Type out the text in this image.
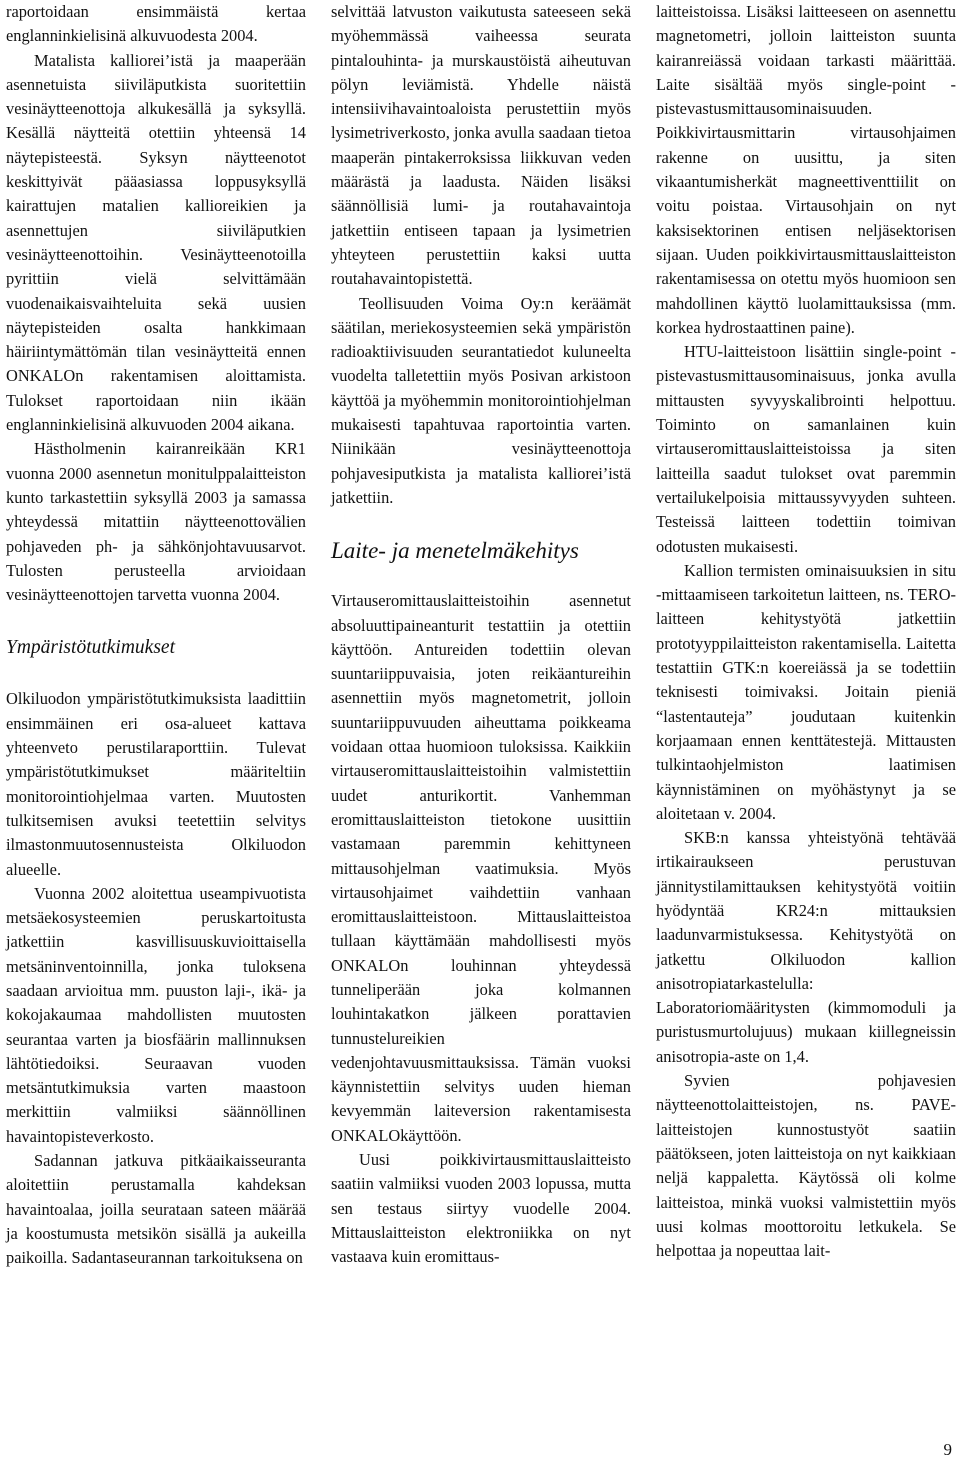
raportoidaan ensimmäistä kertaa englanninkielisinä alkuvuodesta 2004.

Matalista kalliorei’istä ja maaperään asennetuista siiviläputkista suoritettiin vesinäytteenottoja alkukesällä ja syksyllä. Kesällä näytteitä otettiin yhteensä 14 näytepisteestä. Syksyn näytteenotot keskittyivät pääasiassa loppusyksyllä kairattujen matalien kallioreikien ja asennettujen siiviläputkien vesinäytteenottoihin. Vesinäytteenotoilla pyrittiin vielä selvittämään vuodenaikaisvaihteluita sekä uusien näytepisteiden osalta hankkimaan häiriintymättömän tilan vesinäytteitä ennen ONKALOn rakentamisen aloittamista. Tulokset raportoidaan niin ikään englanninkielisinä alkuvuoden 2004 aikana.

Hästholmenin kairanreikään KR1 vuonna 2000 asennetun monitulppalaitteiston kunto tarkastettiin syksyllä 2003 ja samassa yhteydessä mitattiin näytteenottovälien pohjaveden ph- ja sähkönjohtavuusarvot. Tulosten perusteella arvioidaan vesinäytteenottojen tarvetta vuonna 2004.

Ympäristötutkimukset

Olkiluodon ympäristötutkimuksista laadittiin ensimmäinen eri osa-alueet kattava yhteenveto perustilaraporttiin. Tulevat ympäristötutkimukset määriteltiin monitorointiohjelmaa varten. Muutosten tulkitsemisen avuksi teetettiin selvitys ilmastonmuutosennusteista Olkiluodon alueelle.

Vuonna 2002 aloitettua useampivuotista metsäekosysteemien peruskartoitusta jatkettiin kasvillisuuskuvioittaisella metsäninventoinnilla, jonka tuloksena saadaan arvioitua mm. puuston laji-, ikä- ja kokojakaumaa mahdollisten muutosten seurantaa varten ja biosfäärin mallinnuksen lähtötiedoiksi. Seuraavan vuoden metsäntutkimuksia varten maastoon merkittiin valmiiksi säännöllinen havaintopisteverkosto.

Sadannan jatkuva pitkäaikaisseuranta aloitettiin perustamalla kahdeksan havaintoalaa, joilla seurataan sateen määrää ja koostumusta metsikön sisällä ja aukeilla paikoilla. Sadantaseurannan tarkoituksena on

selvittää latvuston vaikutusta sateeseen sekä myöhemmässä vaiheessa seurata pintalouhinta- ja murskaustöistä aiheutuvan pölyn leviämistä. Yhdelle näistä intensiivihavaintoaloista perustettiin myös lysimetriverkosto, jonka avulla saadaan tietoa maaperän pintakerroksissa liikkuvan veden määrästä ja laadusta. Näiden lisäksi säännöllisiä lumi- ja routahavaintoja jatkettiin entiseen tapaan ja lysimetrien yhteyteen perustettiin kaksi uutta routahavaintopistettä.

Teollisuuden Voima Oy:n keräämät säätilan, meriekosysteemien sekä ympäristön radioaktiivisuuden seurantatiedot kuluneelta vuodelta talletettiin myös Posivan arkistoon käyttöä ja myöhemmin monitorointiohjelman mukaisesti tapahtuvaa raportointia varten. Niinikään vesinäytteenottoja pohjavesiputkista ja matalista kalliorei’istä jatkettiin.

Laite- ja menetelmäkehitys

Virtauseromittauslaitteistoihin asennetut absoluuttipaineanturit testattiin ja otettiin käyttöön. Antureiden todettiin olevan suuntariippuvaisia, joten reikäantureihin asennettiin myös magnetometrit, jolloin suuntariippuvuuden aiheuttama poikkeama voidaan ottaa huomioon tuloksissa. Kaikkiin virtauseromittauslaitteistoihin valmistettiin uudet anturikortit. Vanhemman eromittauslaitteiston tietokone uusittiin vastamaan paremmin kehittyneen mittausohjelman vaatimuksia. Myös virtausohjaimet vaihdettiin vanhaan eromittauslaitteistoon. Mittauslaitteistoa tullaan käyttämään mahdollisesti myös ONKALOn louhinnan yhteydessä tunneliperään joka kolmannen louhintakatkon jälkeen porattavien tunnustelureikien vedenjohtavuusmittauksissa. Tämän vuoksi käynnistettiin selvitys uuden hieman kevyemmän laiteversion rakentamisesta ONKALOkäyttöön.

Uusi poikkivirtausmittauslaitteisto saatiin valmiiksi vuoden 2003 lopussa, mutta sen testaus siirtyy vuodelle 2004. Mittauslaitteiston elektroniikka on nyt vastaava kuin eromittaus-

laitteistoissa. Lisäksi laitteeseen on asennettu magnetometri, jolloin laitteiston suunta kairanreiässä voidaan tarkasti määrittää. Laite sisältää myös single-point -pistevastusmittausominaisuuden. Poikkivirtausmittarin virtausohjaimen rakenne on uusittu, ja siten vikaantumisherkät magneettiventtiilit on voitu poistaa. Virtausohjain on nyt kaksisektorinen entisen neljäsektorisen sijaan. Uuden poikkivirtausmittauslaitteiston rakentamisessa on otettu myös huomioon sen mahdollinen käyttö luolamittauksissa (mm. korkea hydrostaattinen paine).

HTU-laitteistoon lisättiin single-point -pistevastusmittausominaisuus, jonka avulla mittausten syvyyskalibrointi helpottuu. Toiminto on samanlainen kuin virtauseromittauslaitteistoissa ja siten laitteilla saadut tulokset ovat paremmin vertailukelpoisia mittaussyvyyden suhteen. Testeissä laitteen todettiin toimivan odotusten mukaisesti.

Kallion termisten ominaisuuksien in situ -mittaamiseen tarkoitetun laitteen, ns. TERO-laitteen kehitystyötä jatkettiin prototyyppilaitteiston rakentamisella. Laitetta testattiin GTK:n koereiässä ja se todettiin teknisesti toimivaksi. Joitain pieniä “lastentauteja” joudutaan kuitenkin korjaamaan ennen kenttätestejä. Mittausten tulkintaohjelmiston laatimisen käynnistäminen on myöhästynyt ja se aloitetaan v. 2004.

SKB:n kanssa yhteistyönä tehtävää irtikairaukseen perustuvan jännitystilamittauksen kehitystyötä voitiin hyödyntää KR24:n mittauksien laadunvarmistuksessa. Kehitystyötä on jatkettu Olkiluodon kallion anisotropiatarkastelulla: Laboratoriomääritysten (kimmomoduli ja puristusmurtolujuus) mukaan kiillegneissin anisotropia-aste on 1,4.

Syvien pohjavesien näytteenottolaitteistojen, ns. PAVE-laitteistojen kunnostustyöt saatiin päätökseen, joten laitteistoja on nyt kaikkiaan neljä kappaletta. Käytössä oli kolme laitteistoa, minkä vuoksi valmistettiin myös uusi kolmas moottoroitu letkukela. Se helpottaa ja nopeuttaa lait-

9
